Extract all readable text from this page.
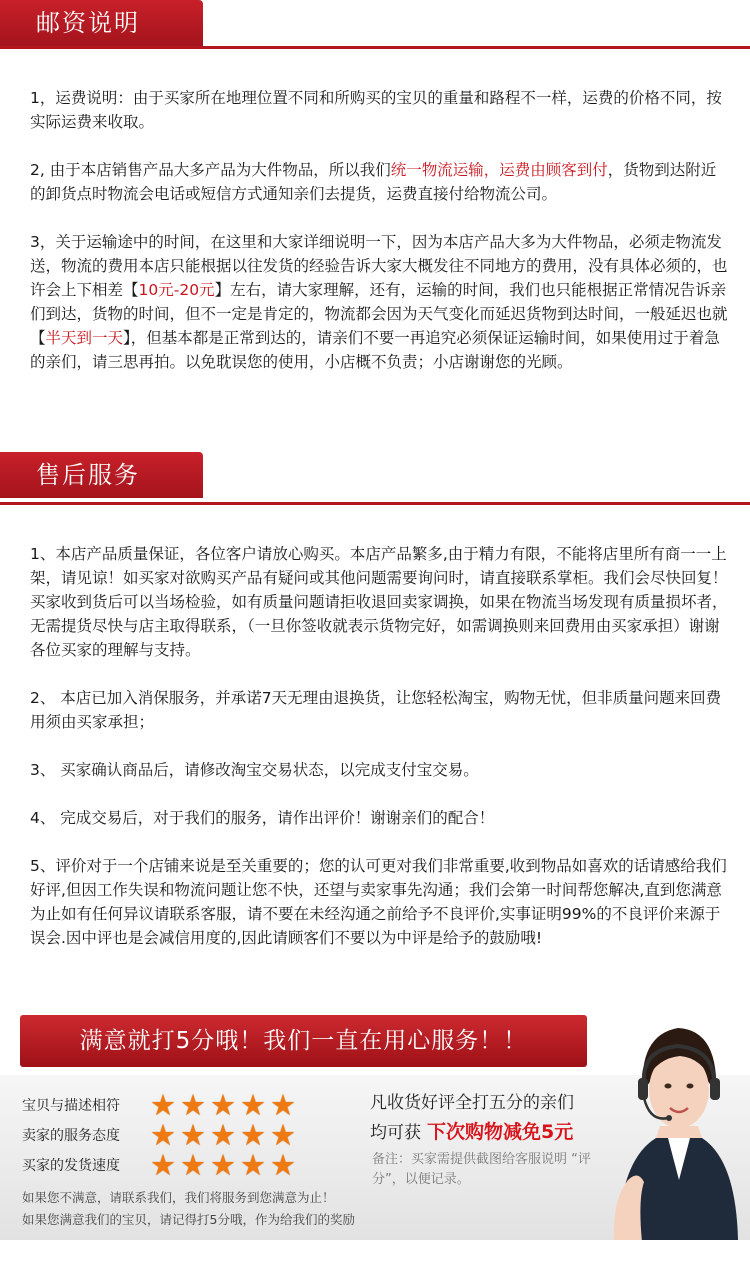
邮资说明

1，运费说明：由于买家所在地理位置不同和所购买的宝贝的重量和路程不一样，运费的价格不同，按实际运费来收取。

2, 由于本店销售产品大多产品为大件物品，所以我们统一物流运输，运费由顾客到付，货物到达附近的卸货点时物流会电话或短信方式通知亲们去提货，运费直接付给物流公司。

3，关于运输途中的时间，在这里和大家详细说明一下，因为本店产品大多为大件物品，必须走物流发送，物流的费用本店只能根据以往发货的经验告诉大家大概发往不同地方的费用，没有具体必须的，也许会上下相差【10元-20元】左右，请大家理解，还有，运输的时间，我们也只能根据正常情况告诉亲们到达，货物的时间，但不一定是肯定的，物流都会因为天气变化而延迟货物到达时间，一般延迟也就【半天到一天】，但基本都是正常到达的，请亲们不要一再追究必须保证运输时间，如果使用过于着急的亲们，请三思再拍。以免耽误您的使用，小店概不负责；小店谢谢您的光顾。

售后服务

1、本店产品质量保证，各位客户请放心购买。本店产品繁多,由于精力有限，不能将店里所有商一一上架，请见谅！如买家对欲购买产品有疑问或其他问题需要询问时，请直接联系掌柜。我们会尽快回复！买家收到货后可以当场检验，如有质量问题请拒收退回卖家调换，如果在物流当场发现有质量损坏者，无需提货尽快与店主取得联系，（一旦你签收就表示货物完好，如需调换则来回费用由买家承担）谢谢各位买家的理解与支持。

2、 本店已加入消保服务，并承诺7天无理由退换货，让您轻松淘宝，购物无忧，但非质量问题来回费用须由买家承担；

3、 买家确认商品后，请修改淘宝交易状态，以完成支付宝交易。

4、 完成交易后，对于我们的服务，请作出评价！谢谢亲们的配合！

5、评价对于一个店铺来说是至关重要的；您的认可更对我们非常重要,收到物品如喜欢的话请感给我们好评,但因工作失误和物流问题让您不快，还望与卖家事先沟通；我们会第一时间帮您解决,直到您满意为止如有任何异议请联系客服，请不要在未经沟通之前给予不良评价,实事证明99%的不良评价来源于误会.因中评也是会减信用度的,因此请顾客们不要以为中评是给予的鼓励哦!

满意就打5分哦！我们一直在用心服务！！
宝贝与描述相符	★ ★ ★ ★ ★
卖家的服务态度	★ ★ ★ ★ ★
买家的发货速度	★ ★ ★ ★ ★
如果您不满意，请联系我们，我们将服务到您满意为止！
如果您满意我们的宝贝，请记得打5分哦，作为给我们的奖励
凡收货好评全打五分的亲们
均可获 下次购物减免5元
备注：买家需提供截图给客服说明 “评分”，以便记录。
